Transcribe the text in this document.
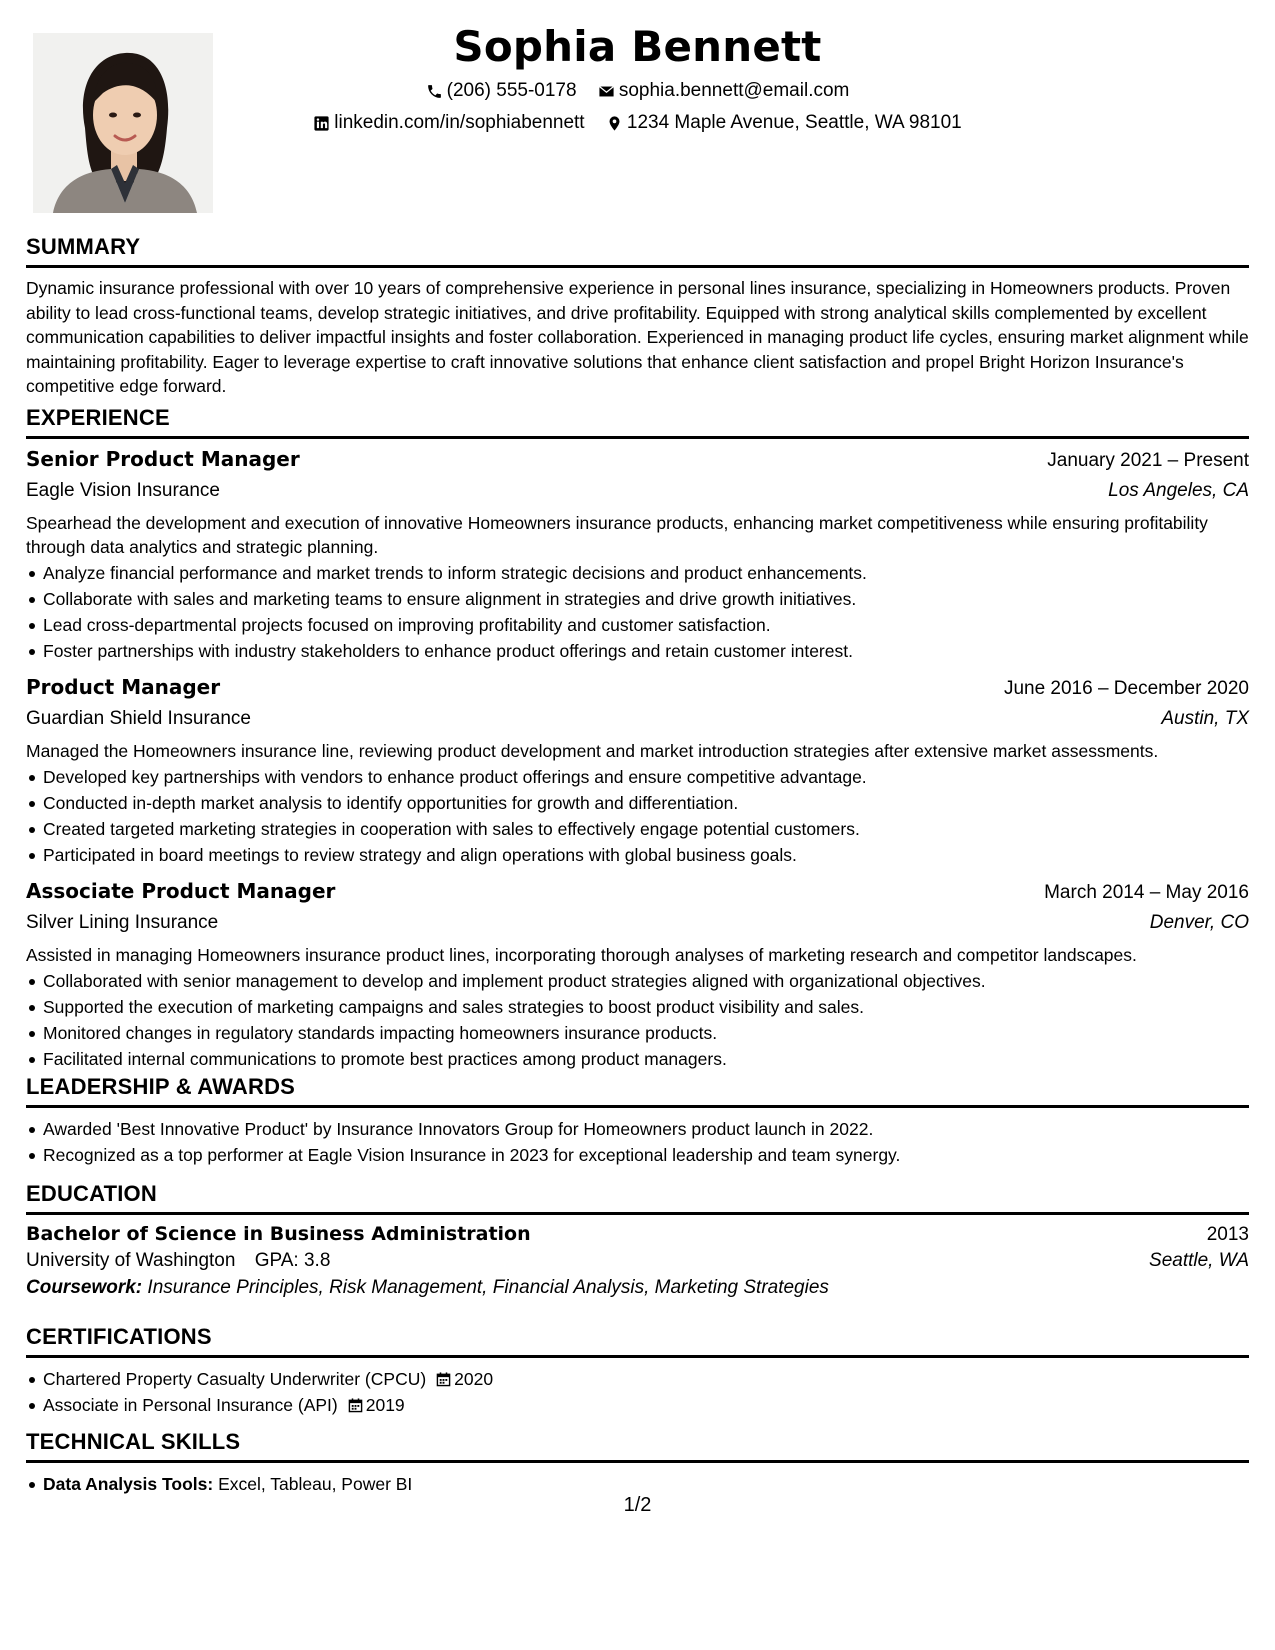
Sophia Bennett
(206) 555-0178
sophia.bennett@email.com
linkedin.com/in/sophiabennett
1234 Maple Avenue, Seattle, WA 98101
SUMMARY
Dynamic insurance professional with over 10 years of comprehensive experience in personal lines insurance, specializing in Homeowners products. Proven ability to lead cross-functional teams, develop strategic initiatives, and drive profitability. Equipped with strong analytical skills complemented by excellent communication capabilities to deliver impactful insights and foster collaboration. Experienced in managing product life cycles, ensuring market alignment while maintaining profitability. Eager to leverage expertise to craft innovative solutions that enhance client satisfaction and propel Bright Horizon Insurance's competitive edge forward.
EXPERIENCE
Senior Product Manager	January 2021 – Present
Eagle Vision Insurance	Los Angeles, CA
Spearhead the development and execution of innovative Homeowners insurance products, enhancing market competitiveness while ensuring profitability through data analytics and strategic planning.
Analyze financial performance and market trends to inform strategic decisions and product enhancements.
Collaborate with sales and marketing teams to ensure alignment in strategies and drive growth initiatives.
Lead cross-departmental projects focused on improving profitability and customer satisfaction.
Foster partnerships with industry stakeholders to enhance product offerings and retain customer interest.
Product Manager	June 2016 – December 2020
Guardian Shield Insurance	Austin, TX
Managed the Homeowners insurance line, reviewing product development and market introduction strategies after extensive market assessments.
Developed key partnerships with vendors to enhance product offerings and ensure competitive advantage.
Conducted in-depth market analysis to identify opportunities for growth and differentiation.
Created targeted marketing strategies in cooperation with sales to effectively engage potential customers.
Participated in board meetings to review strategy and align operations with global business goals.
Associate Product Manager	March 2014 – May 2016
Silver Lining Insurance	Denver, CO
Assisted in managing Homeowners insurance product lines, incorporating thorough analyses of marketing research and competitor landscapes.
Collaborated with senior management to develop and implement product strategies aligned with organizational objectives.
Supported the execution of marketing campaigns and sales strategies to boost product visibility and sales.
Monitored changes in regulatory standards impacting homeowners insurance products.
Facilitated internal communications to promote best practices among product managers.
LEADERSHIP & AWARDS
Awarded 'Best Innovative Product' by Insurance Innovators Group for Homeowners product launch in 2022.
Recognized as a top performer at Eagle Vision Insurance in 2023 for exceptional leadership and team synergy.
EDUCATION
Bachelor of Science in Business Administration	2013
University of Washington GPA: 3.8	Seattle, WA
Coursework: Insurance Principles, Risk Management, Financial Analysis, Marketing Strategies
CERTIFICATIONS
Chartered Property Casualty Underwriter (CPCU) 2020
Associate in Personal Insurance (API) 2019
TECHNICAL SKILLS
Data Analysis Tools: Excel, Tableau, Power BI
1/2
